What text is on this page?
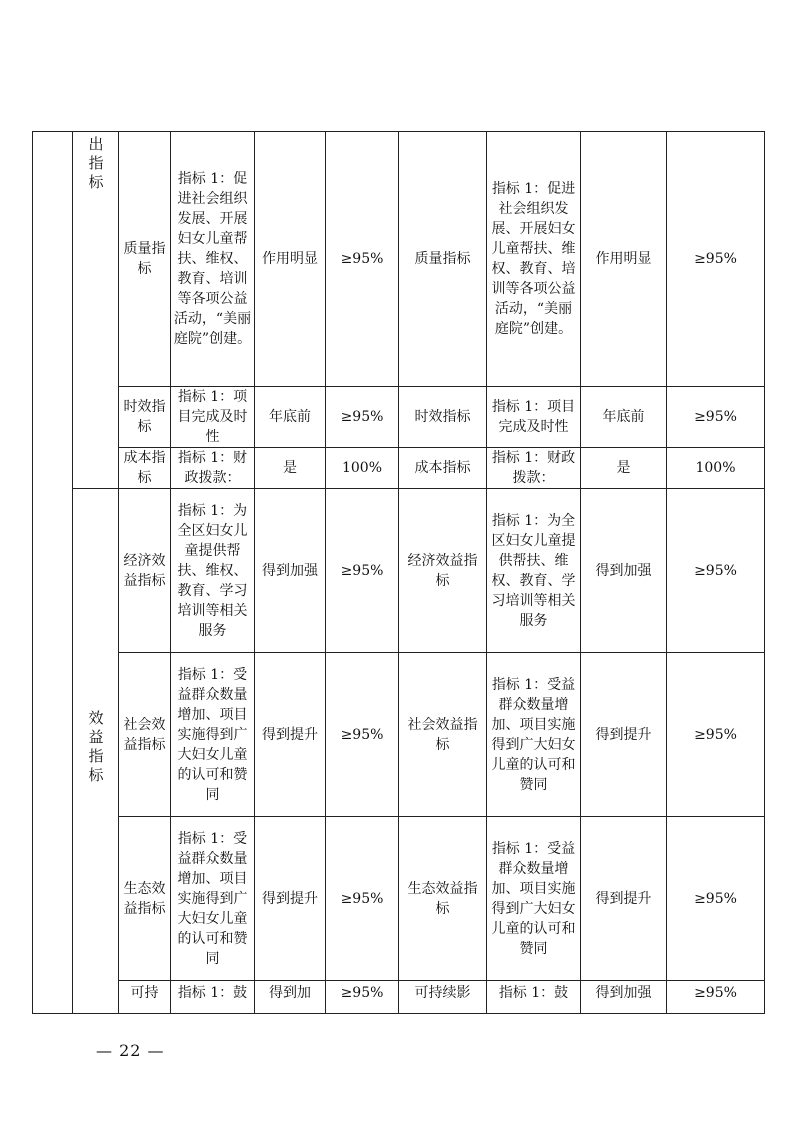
	出指标	质量指标	指标 1：促进社会组织发展、开展妇女儿童帮扶、维权、教育、培训等各项公益活动，“美丽庭院”创建。	作用明显	≥95%	质量指标	指标 1：促进社会组织发展、开展妇女儿童帮扶、维权、教育、培训等各项公益活动，“美丽庭院”创建。	作用明显	≥95%
		时效指标	指标 1：项目完成及时性	年底前	≥95%	时效指标	指标 1：项目完成及时性	年底前	≥95%
		成本指标	指标 1：财政拨款：	是	100%	成本指标	指标 1：财政拨款：	是	100%
	效益指标	经济效益指标	指标 1：为全区妇女儿童提供帮扶、维权、教育、学习培训等相关服务	得到加强	≥95%	经济效益指标	指标 1：为全区妇女儿童提供帮扶、维权、教育、学习培训等相关服务	得到加强	≥95%
		社会效益指标	指标 1：受益群众数量增加、项目实施得到广大妇女儿童的认可和赞同	得到提升	≥95%	社会效益指标	指标 1：受益群众数量增加、项目实施得到广大妇女儿童的认可和赞同	得到提升	≥95%
		生态效益指标	指标 1：受益群众数量增加、项目实施得到广大妇女儿童的认可和赞同	得到提升	≥95%	生态效益指标	指标 1：受益群众数量增加、项目实施得到广大妇女儿童的认可和赞同	得到提升	≥95%
		可持	指标 1：鼓	得到加	≥95%	可持续影	指标 1：鼓	得到加强	≥95%
— 22 —
